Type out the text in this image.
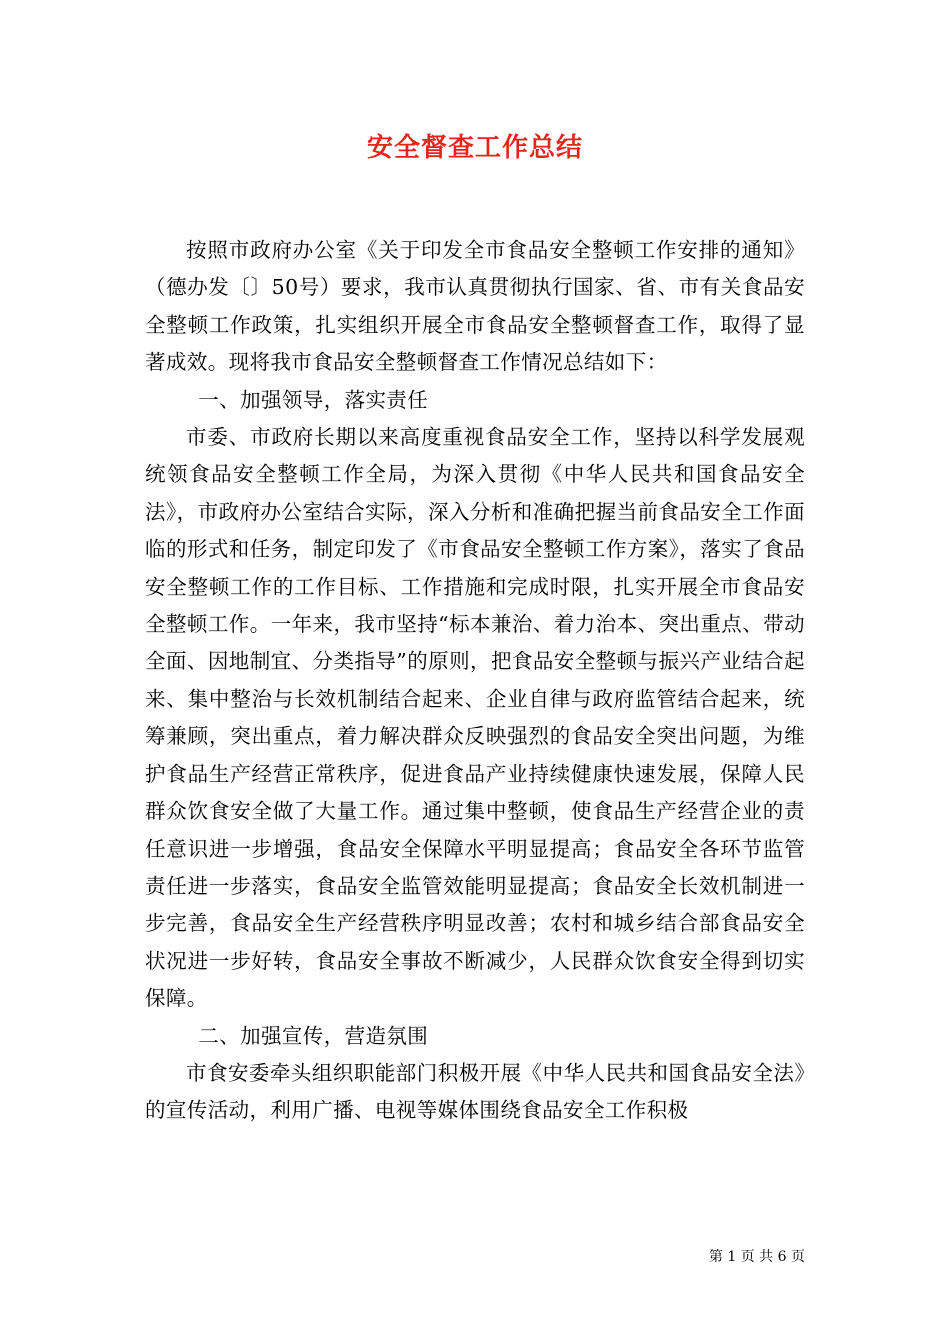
安全督查工作总结

按照市政府办公室《关于印发全市食品安全整顿工作安排的通知》（德办发〔〕50号）要求，我市认真贯彻执行国家、省、市有关食品安全整顿工作政策，扎实组织开展全市食品安全整顿督查工作，取得了显著成效。现将我市食品安全整顿督查工作情况总结如下：

一、加强领导，落实责任

市委、市政府长期以来高度重视食品安全工作，坚持以科学发展观统领食品安全整顿工作全局，为深入贯彻《中华人民共和国食品安全法》，市政府办公室结合实际，深入分析和准确把握当前食品安全工作面临的形式和任务，制定印发了《市食品安全整顿工作方案》，落实了食品安全整顿工作的工作目标、工作措施和完成时限，扎实开展全市食品安全整顿工作。一年来，我市坚持“标本兼治、着力治本、突出重点、带动全面、因地制宜、分类指导”的原则，把食品安全整顿与振兴产业结合起来、集中整治与长效机制结合起来、企业自律与政府监管结合起来，统筹兼顾，突出重点，着力解决群众反映强烈的食品安全突出问题，为维护食品生产经营正常秩序，促进食品产业持续健康快速发展，保障人民群众饮食安全做了大量工作。通过集中整顿，使食品生产经营企业的责任意识进一步增强，食品安全保障水平明显提高；食品安全各环节监管责任进一步落实，食品安全监管效能明显提高；食品安全长效机制进一步完善，食品安全生产经营秩序明显改善；农村和城乡结合部食品安全状况进一步好转，食品安全事故不断减少，人民群众饮食安全得到切实保障。

二、加强宣传，营造氛围

市食安委牵头组织职能部门积极开展《中华人民共和国食品安全法》的宣传活动，利用广播、电视等媒体围绕食品安全工作积极

第 1 页 共 6 页
